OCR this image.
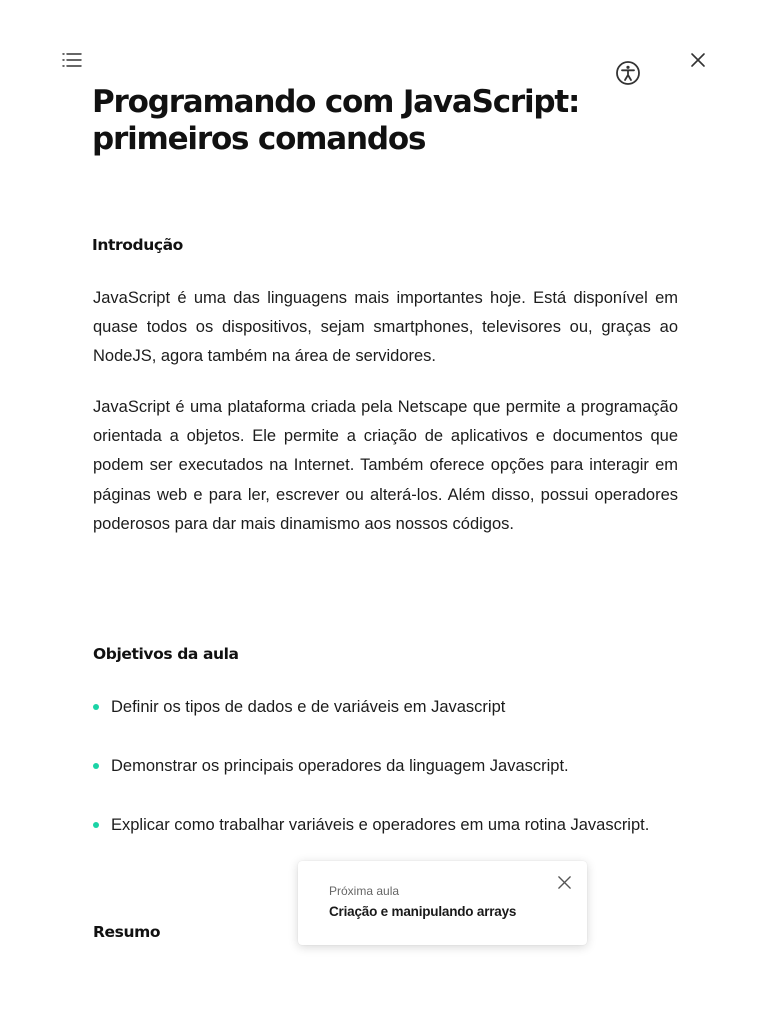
Programando com JavaScript:
primeiros comandos
Introdução

JavaScript é uma das linguagens mais importantes hoje. Está disponível em quase todos os dispositivos, sejam smartphones, televisores ou, graças ao NodeJS, agora também na área de servidores.

JavaScript é uma plataforma criada pela Netscape que permite a programação orientada a objetos. Ele permite a criação de aplicativos e documentos que podem ser executados na Internet. Também oferece opções para interagir em páginas web e para ler, escrever ou alterá-los. Além disso, possui operadores poderosos para dar mais dinamismo aos nossos códigos.

Objetivos da aula
Definir os tipos de dados e de variáveis em Javascript
Demonstrar os principais operadores da linguagem Javascript.
Explicar como trabalhar variáveis e operadores em uma rotina Javascript.
Resumo
Próxima aula
Criação e manipulando arrays
